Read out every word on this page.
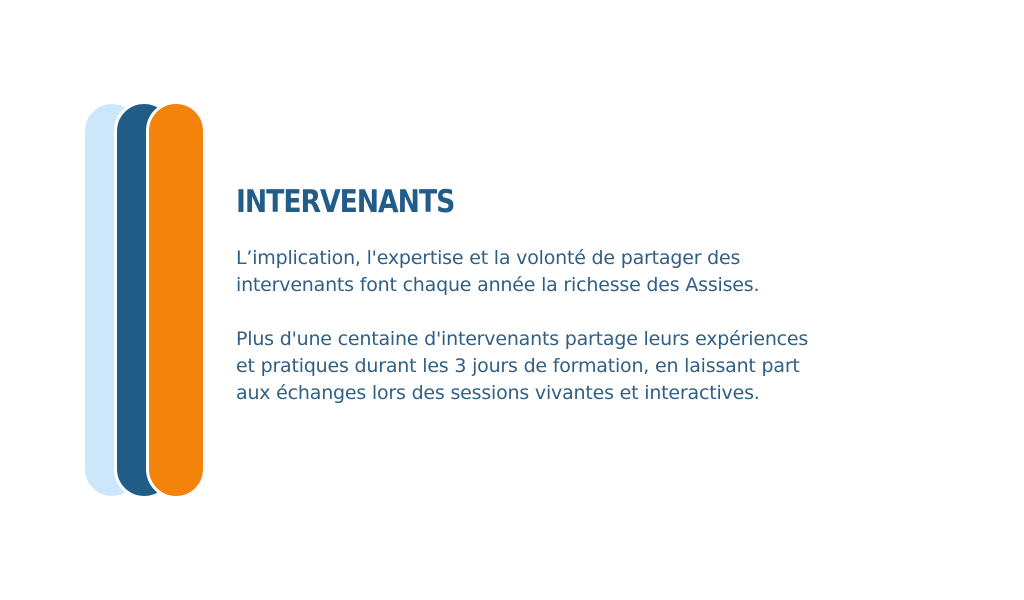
INTERVENANTS

L’implication, l'expertise et la volonté de partager des
intervenants font chaque année la richesse des Assises.

Plus d'une centaine d'intervenants partage leurs expériences
et pratiques durant les 3 jours de formation, en laissant part
aux échanges lors des sessions vivantes et interactives.
